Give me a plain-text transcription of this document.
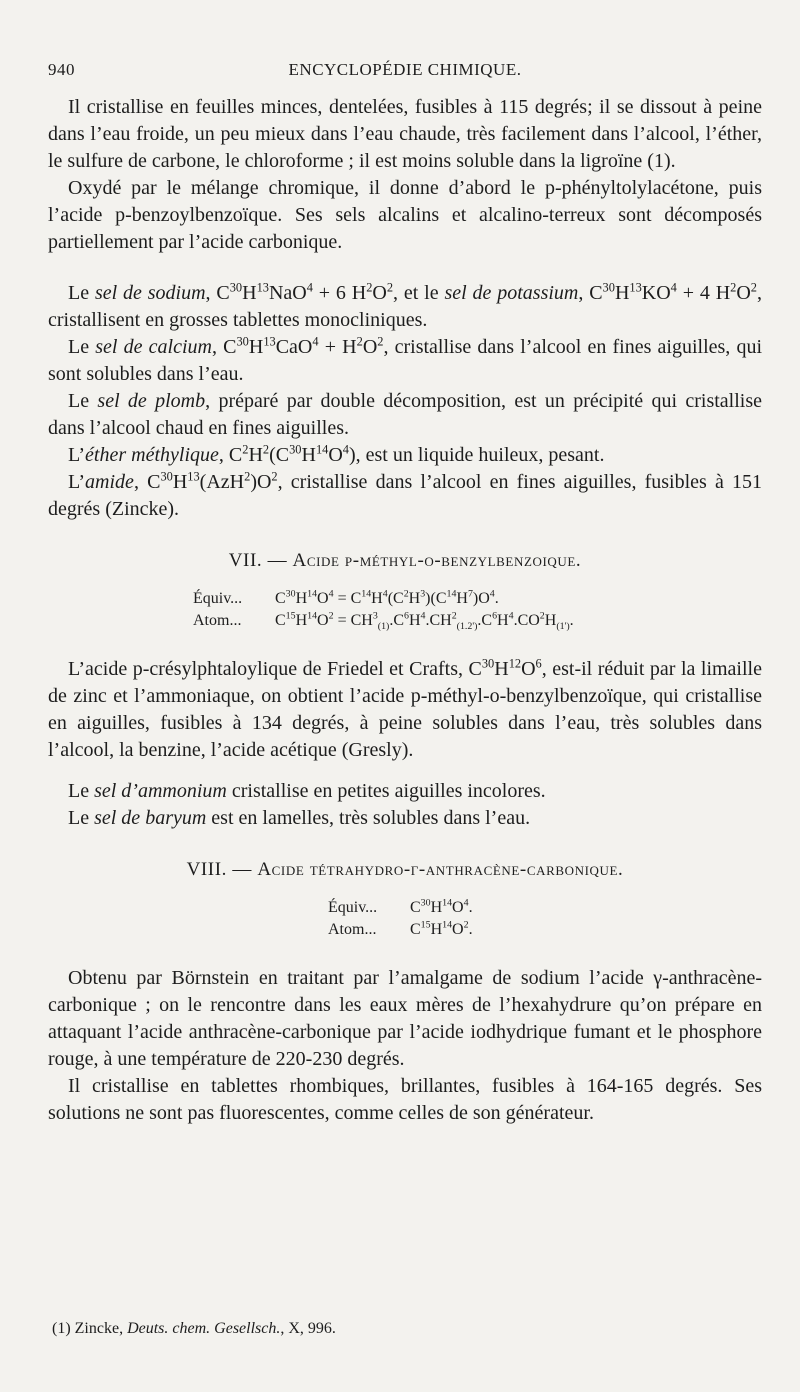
940	ENCYCLOPÉDIE CHIMIQUE.

Il cristallise en feuilles minces, dentelées, fusibles à 115 degrés; il se dissout à peine dans l’eau froide, un peu mieux dans l’eau chaude, très facilement dans l’alcool, l’éther, le sulfure de carbone, le chloroforme ; il est moins soluble dans la ligroïne (1).

Oxydé par le mélange chromique, il donne d’abord le p-phényltolylacétone, puis l’acide p-benzoylbenzoïque. Ses sels alcalins et alcalino-terreux sont décomposés partiellement par l’acide carbonique.

Le sel de sodium, $C^{30}H^{13}NaO^4 + 6$ $H^2O^2$, et le sel de potassium, $C^{30}H^{13}KO^4 + 4$ $H^2O^2$, cristallisent en grosses tablettes monocliniques.

Le sel de calcium, $C^{30}H^{13}CaO^4 + H^2O^2$, cristallise dans l’alcool en fines aiguilles, qui sont solubles dans l’eau.

Le sel de plomb, préparé par double décomposition, est un précipité qui cristallise dans l’alcool chaud en fines aiguilles.

L’éther méthylique, $C^2H^2(C^{30}H^{14}O^4)$, est un liquide huileux, pesant.

L’amide, $C^{30}H^{13}(AzH^2)O^2$, cristallise dans l’alcool en fines aiguilles, fusibles à 151 degrés (Zincke).

VII. — Acide p-méthyl-o-benzylbenzoique.
Équiv... $C^{30}H^{14}O^4 = C^{14}H^4(C^2H^3)(C^{14}H^7)O^4$.
Atom... $C^{15}H^{14}O^2 = CH^3_{(1)}.C^6H^4.CH^2_{(1.2')}.C^6H^4.CO^2H_{(1')}$.

L’acide p-crésylphtaloylique de Friedel et Crafts, $C^{30}H^{12}O^6$, est-il réduit par la limaille de zinc et l’ammoniaque, on obtient l’acide p-méthyl-o-benzylbenzoïque, qui cristallise en aiguilles, fusibles à 134 degrés, à peine solubles dans l’eau, très solubles dans l’alcool, la benzine, l’acide acétique (Gresly).

Le sel d’ammonium cristallise en petites aiguilles incolores.

Le sel de baryum est en lamelles, très solubles dans l’eau.

VIII. — Acide tétrahydro-γ-anthracène-carbonique.
Équiv... $C^{30}H^{14}O^4$.
Atom... $C^{15}H^{14}O^2$.

Obtenu par Börnstein en traitant par l’amalgame de sodium l’acide γ-anthracène-carbonique ; on le rencontre dans les eaux mères de l’hexahydrure qu’on prépare en attaquant l’acide anthracène-carbonique par l’acide iodhydrique fumant et le phosphore rouge, à une température de 220-230 degrés.

Il cristallise en tablettes rhombiques, brillantes, fusibles à 164-165 degrés. Ses solutions ne sont pas fluorescentes, comme celles de son générateur.

(1) Zincke, Deuts. chem. Gesellsch., X, 996.
